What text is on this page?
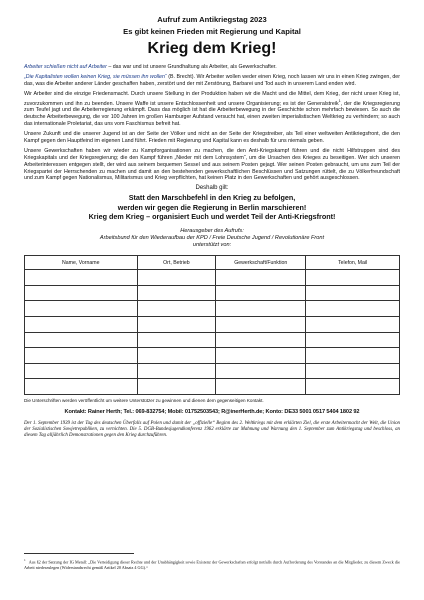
Aufruf zum Antikriegstag 2023
Es gibt keinen Frieden mit Regierung und Kapital
Krieg dem Krieg!

Arbeiter schießen nicht auf Arbeiter – das war und ist unsere Grundhaltung als Arbeiter, als Gewerkschafter.

„Die Kapitalisten wollen keinen Krieg, sie müssen ihn wollen“ (B. Brecht). Wir Arbeiter wollen weder einen Krieg, noch lassen wir uns in einen Krieg zwingen, der das, was die Arbeiter anderer Länder geschaffen haben, zerstört und der mit Zerstörung, Barbarei und Tod auch in unserem Land enden wird.

Wir Arbeiter sind die einzige Friedensmacht. Durch unsere Stellung in der Produktion haben wir die Macht und die Mittel, dem Krieg, der nicht unser Krieg ist, zuvorzukommen und ihn zu beenden. Unsere Waffe ist unsere Entschlossenheit und unsere Organisierung; es ist der Generalstreik$^1$, der die Kriegsregierung zum Teufel jagt und die Arbeiterregierung erkämpft. Dass das möglich ist hat die Arbeiterbewegung in der Geschichte schon mehrfach bewiesen. So auch die deutsche Arbeiterbewegung, die vor 100 Jahren im großen Hamburger Aufstand versucht hat, einen zweiten imperialistischen Weltkrieg zu verhindern; so auch das internationale Proletariat, das uns vom Faschismus befreit hat.

Unsere Zukunft und die unserer Jugend ist an der Seite der Völker und nicht an der Seite der Kriegstreiber, als Teil einer weltweiten Antikriegsfront, die den Kampf gegen den Hauptfeind im eigenen Land führt. Frieden mit Regierung und Kapital kann es deshalb für uns niemals geben.

Unsere Gewerkschaften haben wir wieder zu Kampforganisationen zu machen, die den Anti-Kriegskampf führen und die nicht Hilfstruppen sind des Kriegskapitals und der Kriegsregierung; die den Kampf führen „Nieder mit dem Lohnsystem“, um die Ursachen des Krieges zu beseitigen. Wer sich unseren Arbeiterinteressen entgegen stellt, der wird aus seinem bequemen Sessel und aus seinem Posten gejagt. Wer seinen Posten gebraucht, um uns zum Teil der Kriegspartei der Herrschenden zu machen und damit an den bestehenden gewerkschaftlichen Beschlüssen und Satzungen rüttelt, die zu Völkerfreundschaft und zum Kampf gegen Nationalismus, Militarismus und Krieg verpflichten, hat keinen Platz in den Gewerkschaften und gehört ausgeschlossen.

Deshalb gilt:
Statt den Marschbefehl in den Krieg zu befolgen,
werden wir gegen die Regierung in Berlin marschieren!
Krieg dem Krieg – organisiert Euch und werdet Teil der Anti-Kriegsfront!
Herausgeber des Aufrufs:
Arbeitsbund für den Wiederaufbau der KPD / Freie Deutsche Jugend / Revolutionäre Front
unterstützt von:
Name, Vorname	Ort, Betrieb	Gewerkschaft/Funktion	Telefon, Mail

Die Unterschriften werden veröffentlicht um weitere Unterstützer zu gewinnen und dienen dem gegenseitigen Kontakt.
Kontakt: Rainer Herth; Tel.: 069-832754; Mobil: 01752503543; R@inerHerth.de; Konto: DE33 5001 0517 5404 1802 92
Der 1. September 1939 ist der Tag des deutschen Überfalls auf Polen und damit der „offizielle“ Beginn des 2. Weltkriegs mit dem erklärten Ziel, die erste Arbeitermacht der Welt, die Union der Sozialistischen Sowjetrepubliken, zu vernichten. Die 5. DGB-Bundesjugendkonferenz 1962 erklärte zur Mahnung und Warnung den 1. September zum Antikriegstag und beschloss, an diesem Tag alljährlich Demonstrationen gegen den Krieg durchzuführen.
$^1$ Aus §2 der Satzung der IG Metall: „Die Verteidigung dieser Rechte und der Unabhängigkeit sowie Existenz der Gewerkschaften erfolgt notfalls durch Aufforderung des Vorstandes an die Mitglieder, zu diesem Zweck die Arbeit niederzulegen (Widerstandsrecht gemäß Artikel 20 Absatz 4 GG).“
